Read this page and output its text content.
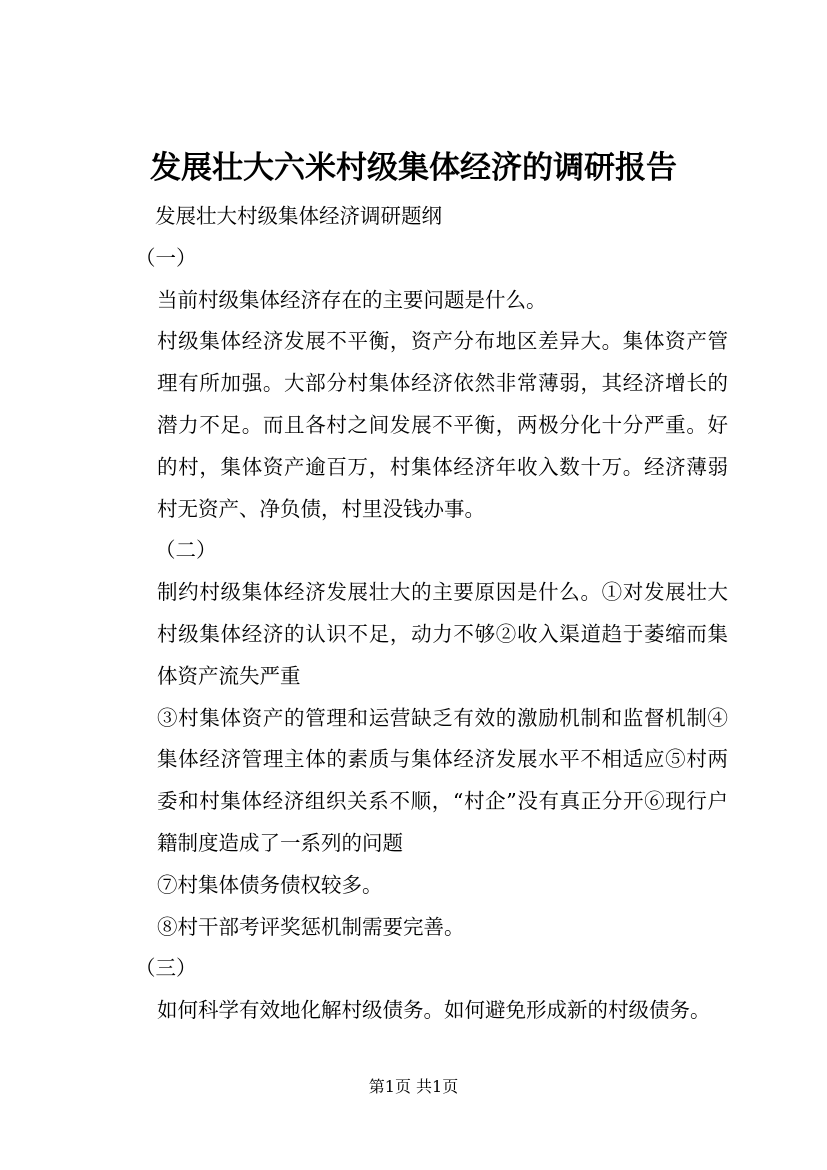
发展壮大六米村级集体经济的调研报告

发展壮大村级集体经济调研题纲

（一）

当前村级集体经济存在的主要问题是什么。

村级集体经济发展不平衡，资产分布地区差异大。集体资产管理有所加强。大部分村集体经济依然非常薄弱，其经济增长的潜力不足。而且各村之间发展不平衡，两极分化十分严重。好的村，集体资产逾百万，村集体经济年收入数十万。经济薄弱村无资产、净负债，村里没钱办事。

（二）

制约村级集体经济发展壮大的主要原因是什么。①对发展壮大村级集体经济的认识不足，动力不够②收入渠道趋于萎缩而集体资产流失严重

③村集体资产的管理和运营缺乏有效的激励机制和监督机制④集体经济管理主体的素质与集体经济发展水平不相适应⑤村两委和村集体经济组织关系不顺，“村企”没有真正分开⑥现行户籍制度造成了一系列的问题

⑦村集体债务债权较多。

⑧村干部考评奖惩机制需要完善。

（三）

如何科学有效地化解村级债务。如何避免形成新的村级债务。

第1页 共1页
